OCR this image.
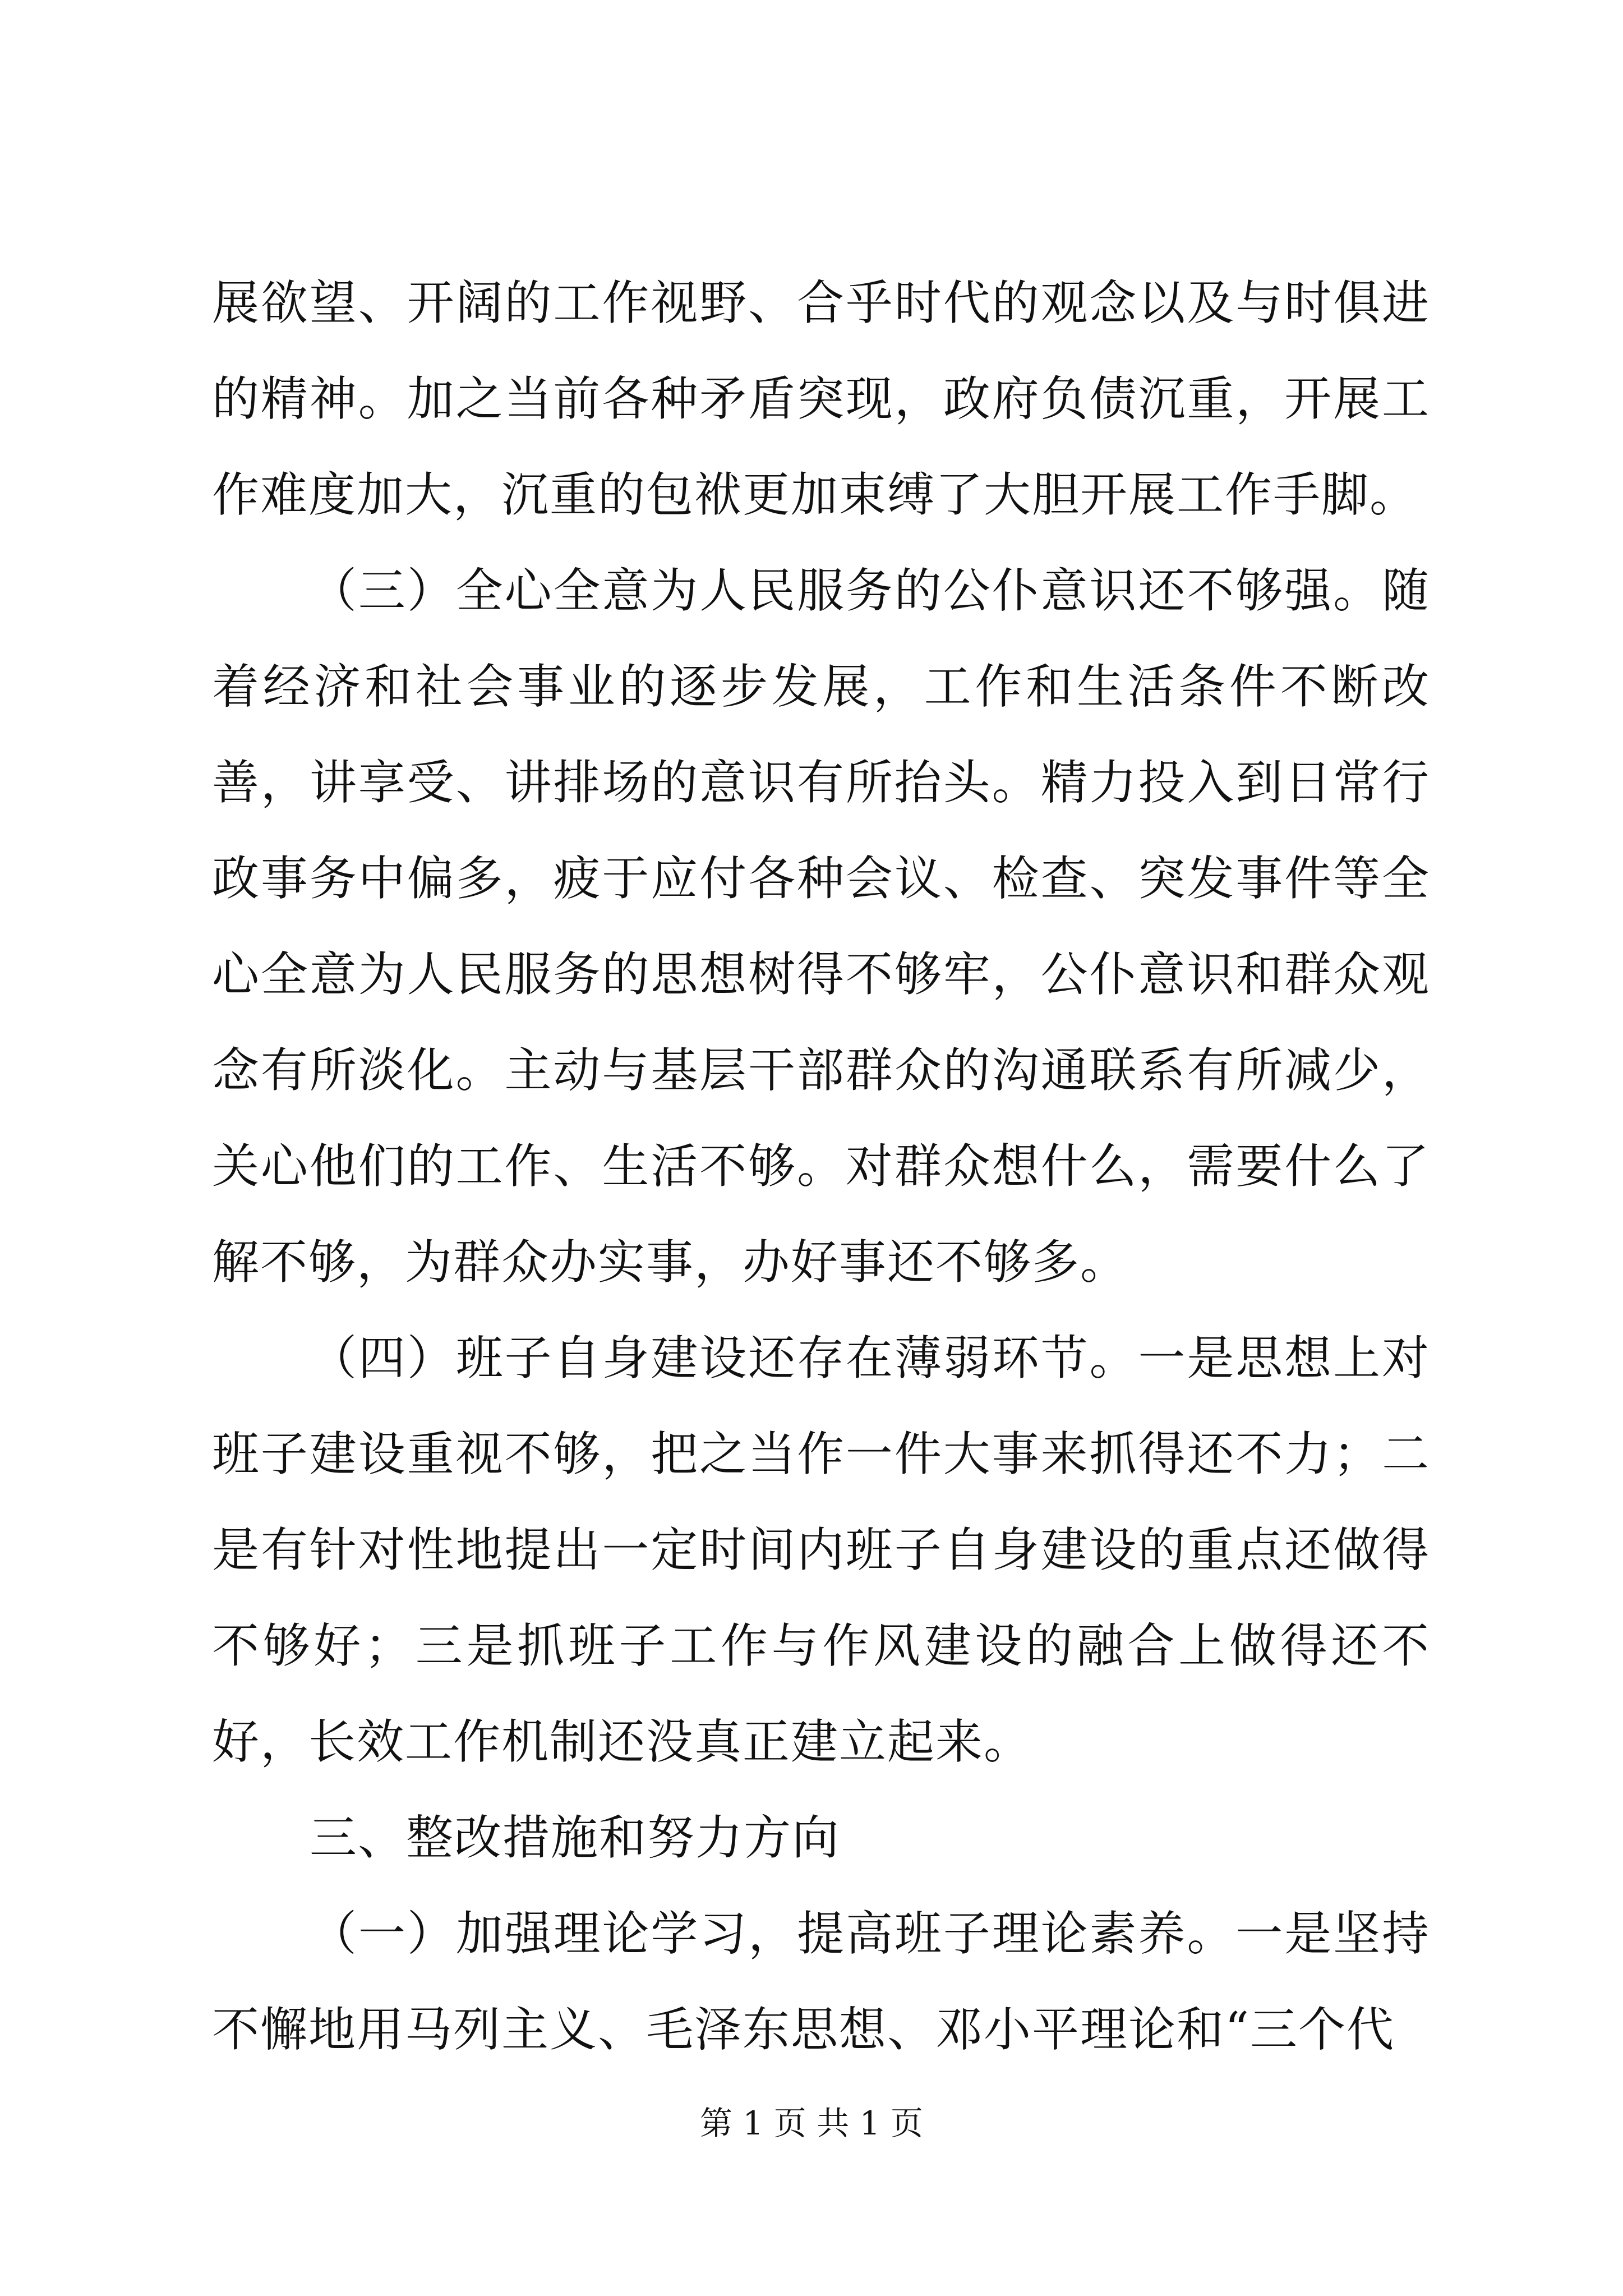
展欲望、开阔的工作视野、合乎时代的观念以及与时俱进的精神。加之当前各种矛盾突现，政府负债沉重，开展工作难度加大，沉重的包袱更加束缚了大胆开展工作手脚。

（三）全心全意为人民服务的公仆意识还不够强。随着经济和社会事业的逐步发展，工作和生活条件不断改善，讲享受、讲排场的意识有所抬头。精力投入到日常行政事务中偏多，疲于应付各种会议、检查、突发事件等全心全意为人民服务的思想树得不够牢，公仆意识和群众观念有所淡化。主动与基层干部群众的沟通联系有所减少，关心他们的工作、生活不够。对群众想什么，需要什么了解不够，为群众办实事，办好事还不够多。

（四）班子自身建设还存在薄弱环节。一是思想上对班子建设重视不够，把之当作一件大事来抓得还不力；二是有针对性地提出一定时间内班子自身建设的重点还做得不够好；三是抓班子工作与作风建设的融合上做得还不好，长效工作机制还没真正建立起来。

三、整改措施和努力方向

（一）加强理论学习，提高班子理论素养。一是坚持不懈地用马列主义、毛泽东思想、邓小平理论和“三个代

第 1 页 共 1 页
